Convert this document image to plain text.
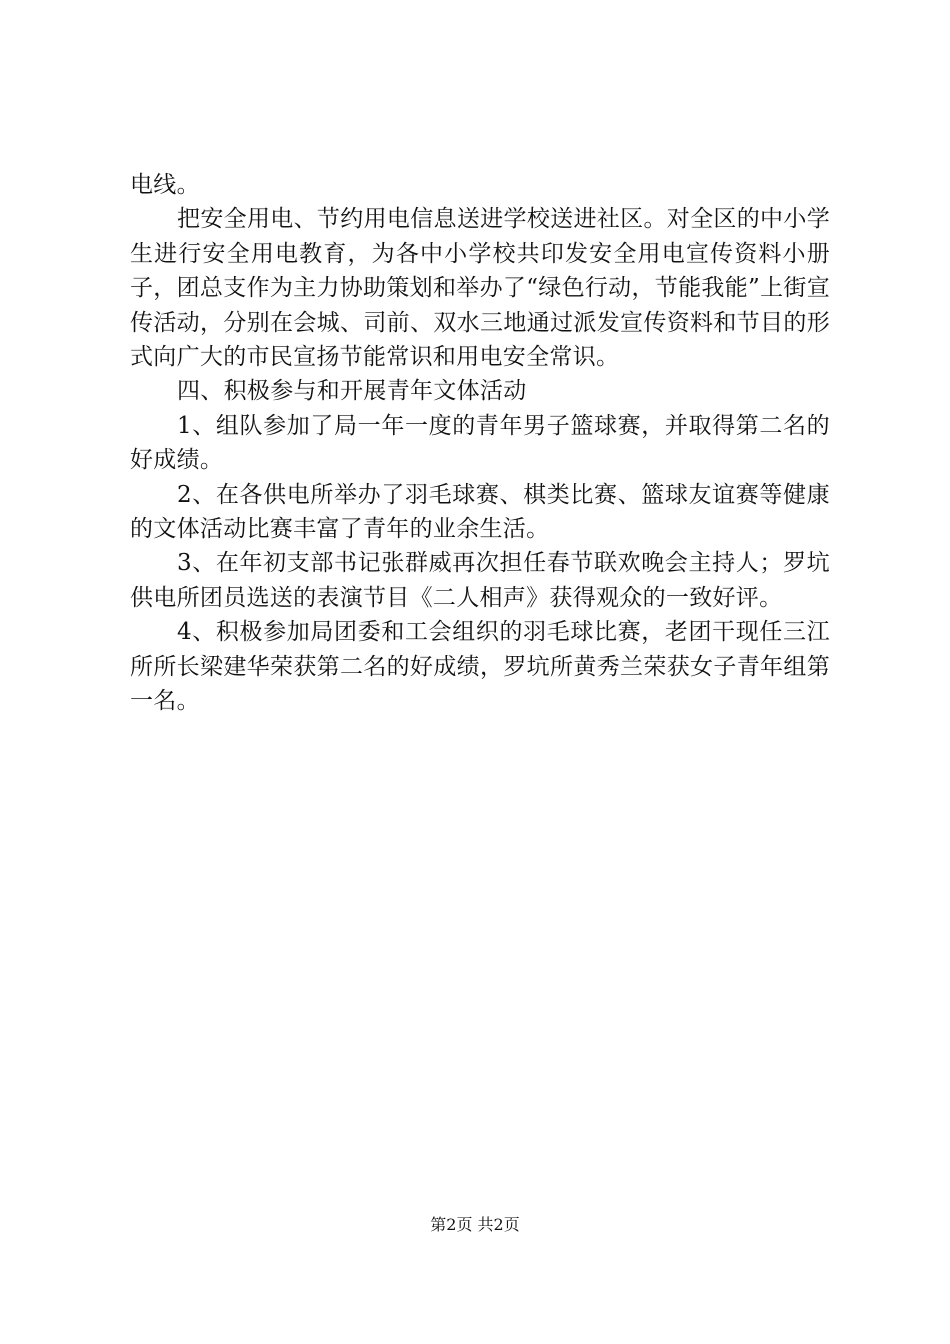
电线。

把安全用电、节约用电信息送进学校送进社区。对全区的中小学生进行安全用电教育，为各中小学校共印发安全用电宣传资料小册子，团总支作为主力协助策划和举办了“绿色行动，节能我能”上街宣传活动，分别在会城、司前、双水三地通过派发宣传资料和节目的形式向广大的市民宣扬节能常识和用电安全常识。

四、积极参与和开展青年文体活动

1、组队参加了局一年一度的青年男子篮球赛，并取得第二名的好成绩。

2、在各供电所举办了羽毛球赛、棋类比赛、篮球友谊赛等健康的文体活动比赛丰富了青年的业余生活。

3、在年初支部书记张群威再次担任春节联欢晚会主持人；罗坑供电所团员选送的表演节目《二人相声》获得观众的一致好评。

4、积极参加局团委和工会组织的羽毛球比赛，老团干现任三江所所长梁建华荣获第二名的好成绩，罗坑所黄秀兰荣获女子青年组第一名。

第2页 共2页
